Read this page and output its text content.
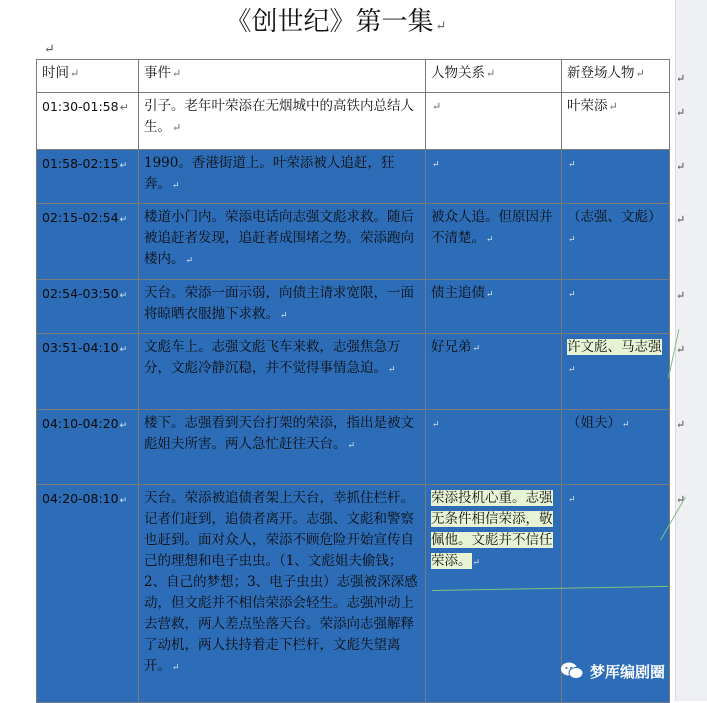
《创世纪》第一集 ↵
↵
时间↵	事件↵	人物关系↵	新登场人物↵
01:30-01:58↵	引子。老年叶荣添在无烟城中的高铁内总结人生。↵	↵	叶荣添↵
01:58-02:15↵	1990。香港街道上。叶荣添被人追赶，狂奔。↵	↵	↵
02:15-02:54↵	楼道小门内。荣添电话向志强文彪求救。随后被追赶者发现，追赶者成围堵之势。荣添跑向楼内。↵	被众人追。但原因并不清楚。↵	（志强、文彪）↵
02:54-03:50↵	天台。荣添一面示弱，向债主请求宽限，一面将晾晒衣服抛下求救。↵	债主追债↵	↵
03:51-04:10↵	文彪车上。志强文彪飞车来救，志强焦急万分，文彪冷静沉稳，并不觉得事情急迫。↵	好兄弟↵	许文彪、马志强↵
04:10-04:20↵	楼下。志强看到天台打架的荣添，指出是被文彪姐夫所害。两人急忙赶往天台。↵	↵	（姐夫）↵
04:20-08:10↵	天台。荣添被追债者架上天台，幸抓住栏杆。记者们赶到，追债者离开。志强、文彪和警察也赶到。面对众人，荣添不顾危险开始宣传自己的理想和电子虫虫。（1、文彪姐夫偷钱；2、自己的梦想；3、电子虫虫）志强被深深感动，但文彪并不相信荣添会轻生。志强冲动上去营救，两人差点坠落天台。荣添向志强解释了动机，两人扶持着走下栏杆，文彪失望离开。↵	荣添投机心重。志强无条件相信荣添，敬佩他。文彪并不信任荣添。↵	↵
↵
↵
↵
↵
↵
↵
↵
↵
梦厍编剧圈
